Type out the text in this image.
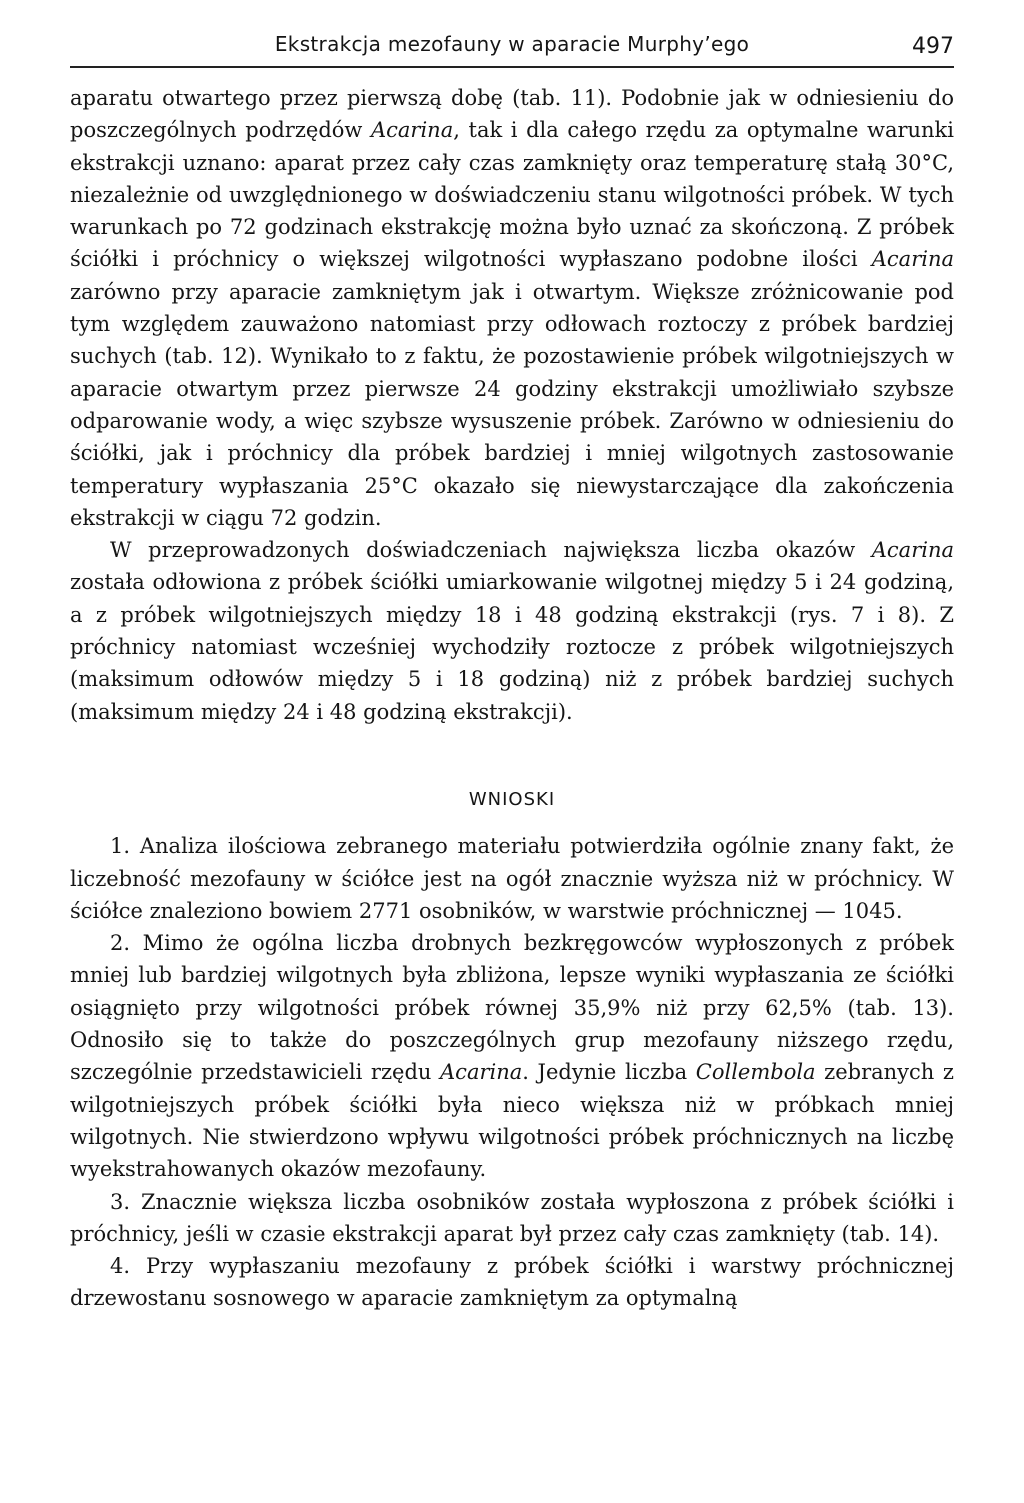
Ekstrakcja mezofauny w aparacie Murphy’ego	497

aparatu otwartego przez pierwszą dobę (tab. 11). Podobnie jak w odniesieniu do poszczególnych podrzędów Acarina, tak i dla całego rzędu za optymalne warunki ekstrakcji uznano: aparat przez cały czas zamknięty oraz temperaturę stałą 30°C, niezależnie od uwzględnionego w doświadczeniu stanu wilgotności próbek. W tych warunkach po 72 godzinach ekstrakcję można było uznać za skończoną. Z próbek ściółki i próchnicy o większej wilgotności wypłaszano podobne ilości Acarina zarówno przy aparacie zamkniętym jak i otwartym. Większe zróżnicowanie pod tym względem zauważono natomiast przy odłowach roztoczy z próbek bardziej suchych (tab. 12). Wynikało to z faktu, że pozostawienie próbek wilgotniejszych w aparacie otwartym przez pierwsze 24 godziny ekstrakcji umożliwiało szybsze odparowanie wody, a więc szybsze wysuszenie próbek. Zarówno w odniesieniu do ściółki, jak i próchnicy dla próbek bardziej i mniej wilgotnych zastosowanie temperatury wypłaszania 25°C okazało się niewystarczające dla zakończenia ekstrakcji w ciągu 72 godzin.

W przeprowadzonych doświadczeniach największa liczba okazów Acarina została odłowiona z próbek ściółki umiarkowanie wilgotnej między 5 i 24 godziną, a z próbek wilgotniejszych między 18 i 48 godziną ekstrakcji (rys. 7 i 8). Z próchnicy natomiast wcześniej wychodziły roztocze z próbek wilgotniejszych (maksimum odłowów między 5 i 18 godziną) niż z próbek bardziej suchych (maksimum między 24 i 48 godziną ekstrakcji).

WNIOSKI

1. Analiza ilościowa zebranego materiału potwierdziła ogólnie znany fakt, że liczebność mezofauny w ściółce jest na ogół znacznie wyższa niż w próchnicy. W ściółce znaleziono bowiem 2771 osobników, w warstwie próchnicznej — 1045.

2. Mimo że ogólna liczba drobnych bezkręgowców wypłoszonych z próbek mniej lub bardziej wilgotnych była zbliżona, lepsze wyniki wypłaszania ze ściółki osiągnięto przy wilgotności próbek równej 35,9% niż przy 62,5% (tab. 13). Odnosiło się to także do poszczególnych grup mezofauny niższego rzędu, szczególnie przedstawicieli rzędu Acarina. Jedynie liczba Collembola zebranych z wilgotniejszych próbek ściółki była nieco większa niż w próbkach mniej wilgotnych. Nie stwierdzono wpływu wilgotności próbek próchnicznych na liczbę wyekstrahowanych okazów mezofauny.

3. Znacznie większa liczba osobników została wypłoszona z próbek ściółki i próchnicy, jeśli w czasie ekstrakcji aparat był przez cały czas zamknięty (tab. 14).

4. Przy wypłaszaniu mezofauny z próbek ściółki i warstwy próchnicznej drzewostanu sosnowego w aparacie zamkniętym za optymalną
